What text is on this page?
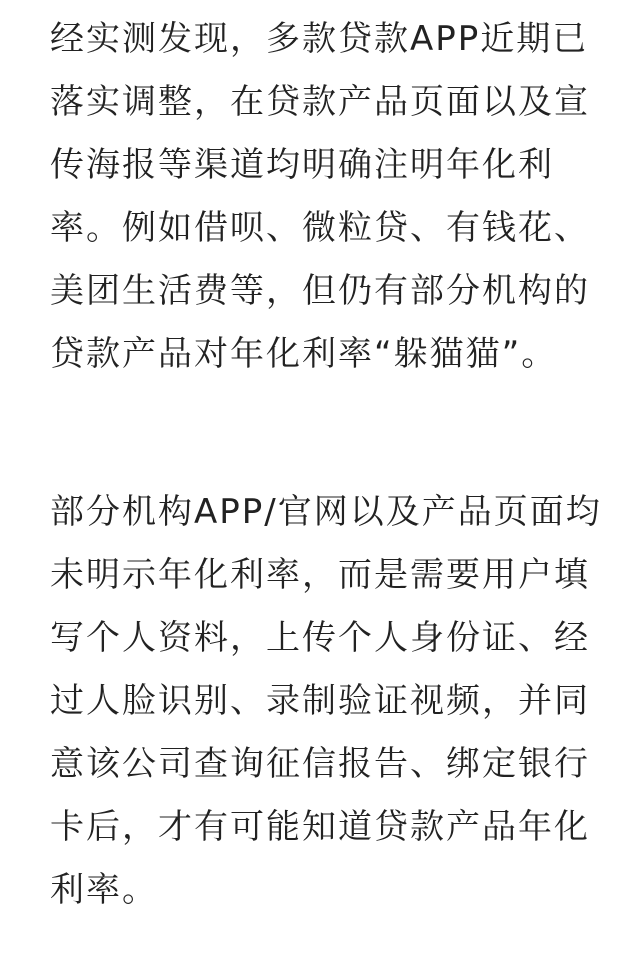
经实测发现，多款贷款APP近期已
落实调整，在贷款产品页面以及宣
传海报等渠道均明确注明年化利
率。例如借呗、微粒贷、有钱花、
美团生活费等，但仍有部分机构的
贷款产品对年化利率“躲猫猫”。
部分机构APP/官网以及产品页面均
未明示年化利率，而是需要用户填
写个人资料，上传个人身份证、经
过人脸识别、录制验证视频，并同
意该公司查询征信报告、绑定银行
卡后，才有可能知道贷款产品年化
利率。
